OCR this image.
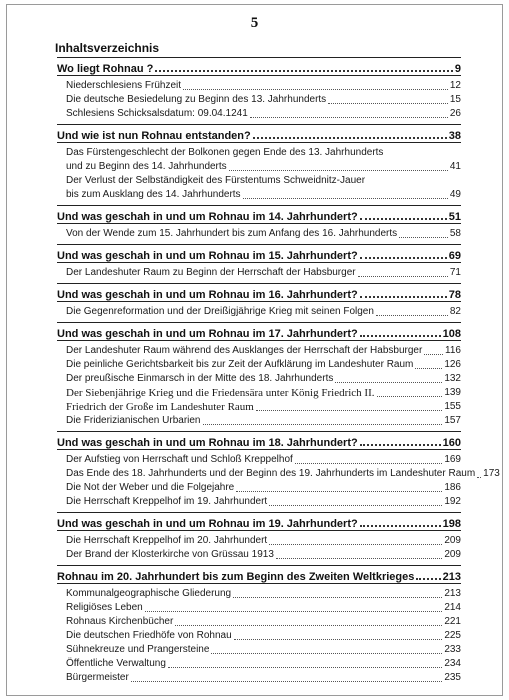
5
Inhaltsverzeichnis
Wo liegt Rohnau ?	9
Niederschlesiens Frühzeit	12
Die deutsche Besiedelung zu Beginn des 13. Jahrhunderts	15
Schlesiens Schicksalsdatum: 09.04.1241	26
Und wie ist nun Rohnau entstanden?	38
Das Fürstengeschlecht der Bolkonen gegen Ende des 13. Jahrhunderts
und zu Beginn des 14. Jahrhunderts	41
Der Verlust der Selbständigkeit des Fürstentums Schweidnitz-Jauer
bis zum Ausklang des 14. Jahrhunderts	49
Und was geschah in und um Rohnau im 14. Jahrhundert?	51
Von der Wende zum 15. Jahrhundert bis zum Anfang des 16. Jahrhunderts	58
Und was geschah in und um Rohnau im 15. Jahrhundert?	69
Der Landeshuter Raum zu Beginn der Herrschaft der Habsburger	71
Und was geschah in und um Rohnau im 16. Jahrhundert?	78
Die Gegenreformation und der Dreißigjährige Krieg mit seinen Folgen	82
Und was geschah in und um Rohnau im 17. Jahrhundert?	108
Der Landeshuter Raum während des Ausklanges der Herrschaft der Habsburger 116
Die peinliche Gerichtsbarkeit bis zur Zeit der Aufklärung im Landeshuter Raum	126
Der preußische Einmarsch in der Mitte des 18. Jahrhunderts	132
Der Siebenjährige Krieg und die Friedensära unter König Friedrich II.	139
Friedrich der Große im Landeshuter Raum	155
Die Friderizianischen Urbarien	157
Und was geschah in und um Rohnau im 18. Jahrhundert?	160
Der Aufstieg von Herrschaft und Schloß Kreppelhof	169
Das Ende des 18. Jahrhunderts und der Beginn des 19. Jahrhunderts im Landeshuter Raum 173
Die Not der Weber und die Folgejahre	186
Die Herrschaft Kreppelhof im 19. Jahrhundert	192
Und was geschah in und um Rohnau im 19. Jahrhundert?	198
Die Herrschaft Kreppelhof im 20. Jahrhundert	209
Der Brand der Klosterkirche von Grüssau 1913	209
Rohnau im 20. Jahrhundert bis zum Beginn des Zweiten Weltkrieges	213
Kommunalgeographische Gliederung	213
Religiöses Leben	214
Rohnaus Kirchenbücher	221
Die deutschen Friedhöfe von Rohnau	225
Sühnekreuze und Prangersteine	233
Öffentliche Verwaltung	234
Bürgermeister	235
